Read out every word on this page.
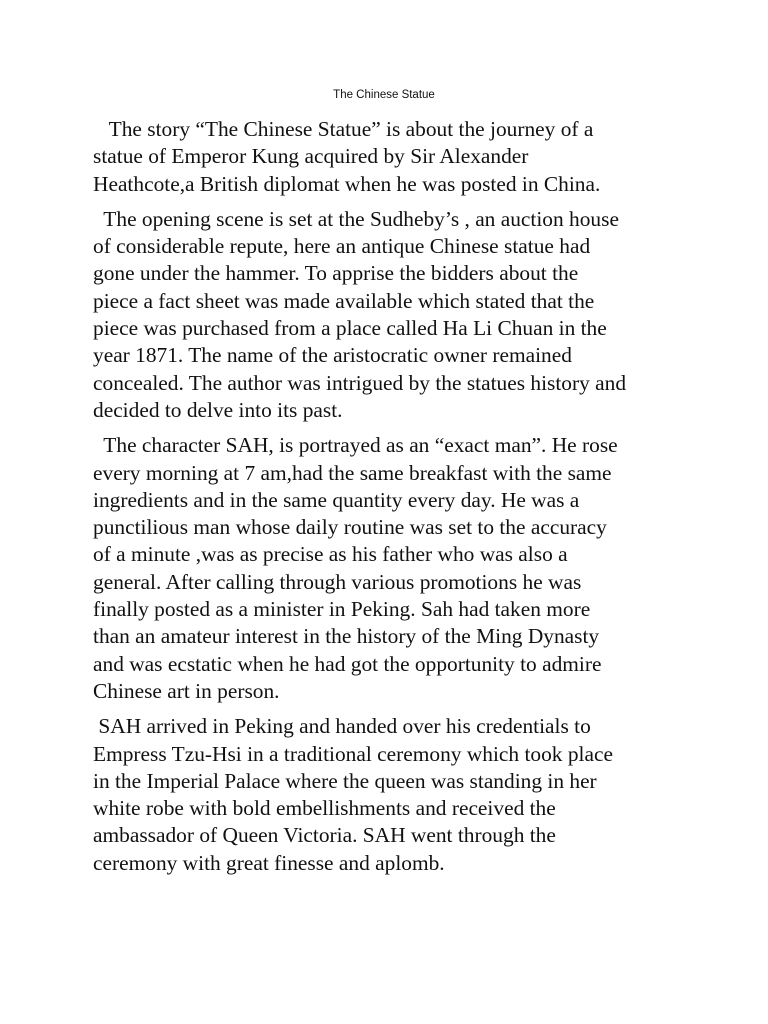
The Chinese Statue

The story “The Chinese Statue” is about the journey of a
statue of Emperor Kung acquired by Sir Alexander
Heathcote,a British diplomat when he was posted in China.

The opening scene is set at the Sudheby’s , an auction house
of considerable repute, here an antique Chinese statue had
gone under the hammer. To apprise the bidders about the
piece a fact sheet was made available which stated that the
piece was purchased from a place called Ha Li Chuan in the
year 1871. The name of the aristocratic owner remained
concealed. The author was intrigued by the statues history and
decided to delve into its past.

The character SAH, is portrayed as an “exact man”. He rose
every morning at 7 am,had the same breakfast with the same
ingredients and in the same quantity every day. He was a
punctilious man whose daily routine was set to the accuracy
of a minute ,was as precise as his father who was also a
general. After calling through various promotions he was
finally posted as a minister in Peking. Sah had taken more
than an amateur interest in the history of the Ming Dynasty
and was ecstatic when he had got the opportunity to admire
Chinese art in person.

SAH arrived in Peking and handed over his credentials to
Empress Tzu-Hsi in a traditional ceremony which took place
in the Imperial Palace where the queen was standing in her
white robe with bold embellishments and received the
ambassador of Queen Victoria. SAH went through the
ceremony with great finesse and aplomb.
